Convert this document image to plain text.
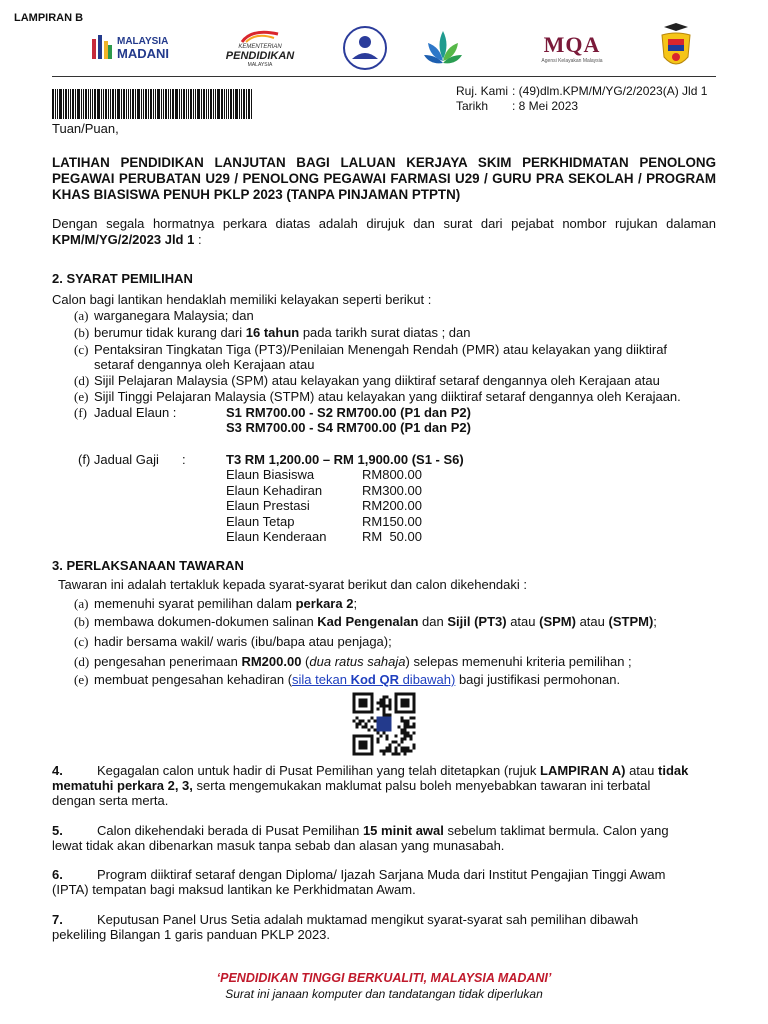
LAMPIRAN B
MALAYSIA
MADANI	KEMENTERIAN
PENDIDIKAN
MALAYSIA
MQA
Agensi Kelayakan Malaysia
Ruj. Kami : (49)dlm.KPM/M/YG/2/2023(A) Jld 1
Tarikh	: 8 Mei 2023
Tuan/Puan,
LATIHAN PENDIDIKAN LANJUTAN BAGI LALUAN KERJAYA SKIM PERKHIDMATAN PENOLONG PEGAWAI PERUBATAN U29 / PENOLONG PEGAWAI FARMASI U29 / GURU PRA SEKOLAH / PROGRAM KHAS BIASISWA PENUH PKLP 2023 (TANPA PINJAMAN PTPTN)
Dengan segala hormatnya perkara diatas adalah dirujuk dan surat dari pejabat nombor rujukan dalaman KPM/M/YG/2/2023 Jld 1 :
2. SYARAT PEMILIHAN
Calon bagi lantikan hendaklah memiliki kelayakan seperti berikut :
(a) warganegara Malaysia; dan
(b) berumur tidak kurang dari 16 tahun pada tarikh surat diatas ; dan
(c) Pentaksiran Tingkatan Tiga (PT3)/Penilaian Menengah Rendah (PMR) atau kelayakan yang diiktiraf
setaraf dengannya oleh Kerajaan atau
(d) Sijil Pelajaran Malaysia (SPM) atau kelayakan yang diiktiraf setaraf dengannya oleh Kerajaan atau
(e) Sijil Tinggi Pelajaran Malaysia (STPM) atau kelayakan yang diiktiraf setaraf dengannya oleh Kerajaan.
(f) Jadual Elaun :	S1 RM700.00 - S2 RM700.00 (P1 dan P2)
S3 RM700.00 - S4 RM700.00 (P1 dan P2)
(f) Jadual Gaji :	T3 RM 1,200.00 – RM 1,900.00 (S1 - S6)
Elaun Biasiswa	RM800.00
Elaun Kehadiran	RM300.00
Elaun Prestasi	RM200.00
Elaun Tetap	RM150.00
Elaun Kenderaan	RM  50.00
3. PERLAKSANAAN TAWARAN
Tawaran ini adalah tertakluk kepada syarat-syarat berikut dan calon dikehendaki :
(a) memenuhi syarat pemilihan dalam perkara 2;
(b) membawa dokumen-dokumen salinan Kad Pengenalan dan Sijil (PT3) atau (SPM) atau (STPM);
(c) hadir bersama wakil/ waris (ibu/bapa atau penjaga);
(d) pengesahan penerimaan RM200.00 (dua ratus sahaja) selepas memenuhi kriteria pemilihan ;
(e) membuat pengesahan kehadiran (sila tekan Kod QR dibawah) bagi justifikasi permohonan.
4.	Kegagalan calon untuk hadir di Pusat Pemilihan yang telah ditetapkan (rujuk LAMPIRAN A) atau tidak
mematuhi perkara 2, 3, serta mengemukakan maklumat palsu boleh menyebabkan tawaran ini terbatal
dengan serta merta.
5.	Calon dikehendaki berada di Pusat Pemilihan 15 minit awal sebelum taklimat bermula. Calon yang
lewat tidak akan dibenarkan masuk tanpa sebab dan alasan yang munasabah.
6.	Program diiktiraf setaraf dengan Diploma/ Ijazah Sarjana Muda dari Institut Pengajian Tinggi Awam
(IPTA) tempatan bagi maksud lantikan ke Perkhidmatan Awam.
7.	Keputusan Panel Urus Setia adalah muktamad mengikut syarat-syarat sah pemilihan dibawah
pekeliling Bilangan 1 garis panduan PKLP 2023.
‘PENDIDIKAN TINGGI BERKUALITI, MALAYSIA MADANI’
Surat ini janaan komputer dan tandatangan tidak diperlukan
